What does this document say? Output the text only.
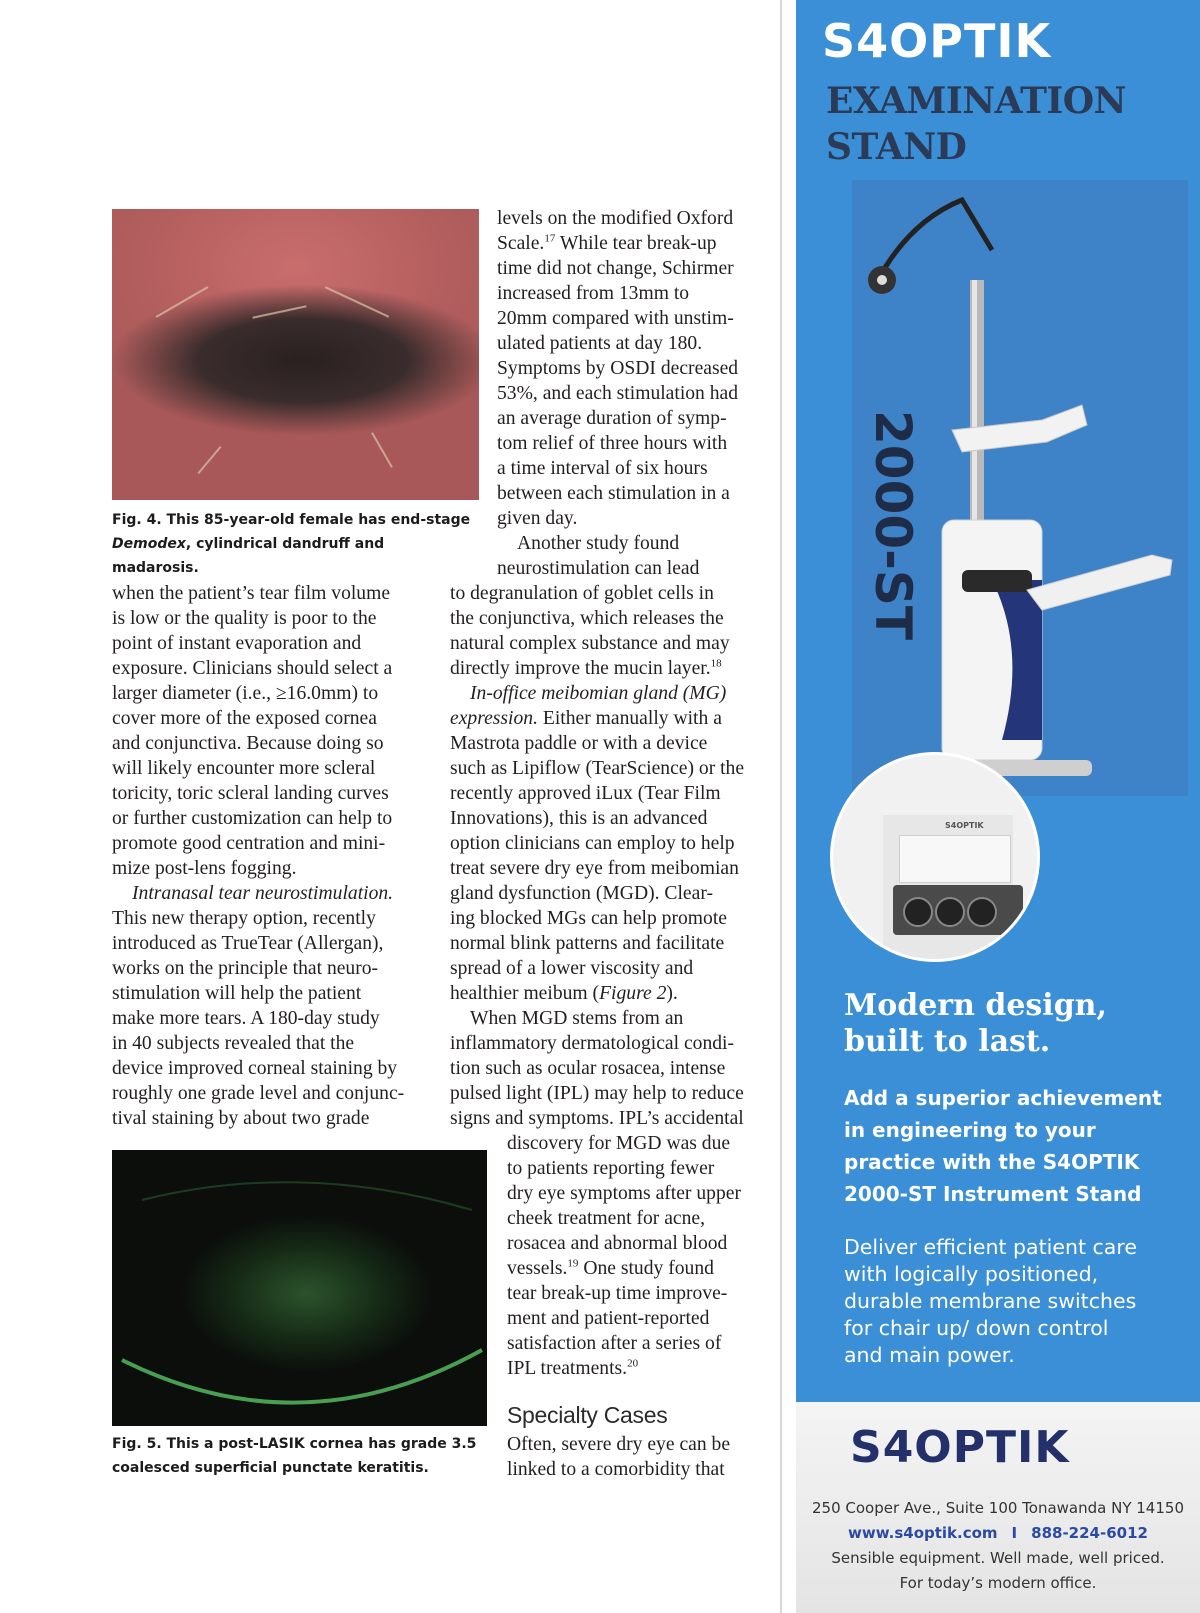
Fig. 4. This 85-year-old female has end-stage
Demodex, cylindrical dandruff and madarosis.
levels on the modified Oxford
Scale.$^{17}$ While tear break-up
time did not change, Schirmer
increased from 13mm to
20mm compared with unstim-
ulated patients at day 180.
Symptoms by OSDI decreased
53%, and each stimulation had
an average duration of symp-
tom relief of three hours with
a time interval of six hours
between each stimulation in a
given day.
Another study found
neurostimulation can lead
when the patient’s tear film volume
is low or the quality is poor to the
point of instant evaporation and
exposure. Clinicians should select a
larger diameter (i.e., ≥16.0mm) to
cover more of the exposed cornea
and conjunctiva. Because doing so
will likely encounter more scleral
toricity, toric scleral landing curves
or further customization can help to
promote good centration and mini-
mize post-lens fogging.
Intranasal tear neurostimulation.
This new therapy option, recently
introduced as TrueTear (Allergan),
works on the principle that neuro-
stimulation will help the patient
make more tears. A 180-day study
in 40 subjects revealed that the
device improved corneal staining by
roughly one grade level and conjunc-
tival staining by about two grade
to degranulation of goblet cells in
the conjunctiva, which releases the
natural complex substance and may
directly improve the mucin layer.$^{18}$
In-office meibomian gland (MG)
expression. Either manually with a
Mastrota paddle or with a device
such as Lipiflow (TearScience) or the
recently approved iLux (Tear Film
Innovations), this is an advanced
option clinicians can employ to help
treat severe dry eye from meibomian
gland dysfunction (MGD). Clear-
ing blocked MGs can help promote
normal blink patterns and facilitate
spread of a lower viscosity and
healthier meibum (Figure 2).
When MGD stems from an
inflammatory dermatological condi-
tion such as ocular rosacea, intense
pulsed light (IPL) may help to reduce
signs and symptoms. IPL’s accidental
Fig. 5. This a post-LASIK cornea has grade 3.5
coalesced superficial punctate keratitis.
discovery for MGD was due
to patients reporting fewer
dry eye symptoms after upper
cheek treatment for acne,
rosacea and abnormal blood
vessels.$^{19}$ One study found
tear break-up time improve-
ment and patient-reported
satisfaction after a series of
IPL treatments.$^{20}$
Specialty Cases
Often, severe dry eye can be
linked to a comorbidity that
S4OPTIK
EXAMINATION
STAND
2000-ST
S4OPTIK
Modern design,
built to last.
Add a superior achievement
in engineering to your
practice with the S4OPTIK
2000-ST Instrument Stand
Deliver efficient patient care
with logically positioned,
durable membrane switches
for chair up/ down control
and main power.
S4OPTIK
250 Cooper Ave., Suite 100 Tonawanda NY 14150
www.s4optik.com I 888-224-6012
Sensible equipment. Well made, well priced.
For today’s modern office.
